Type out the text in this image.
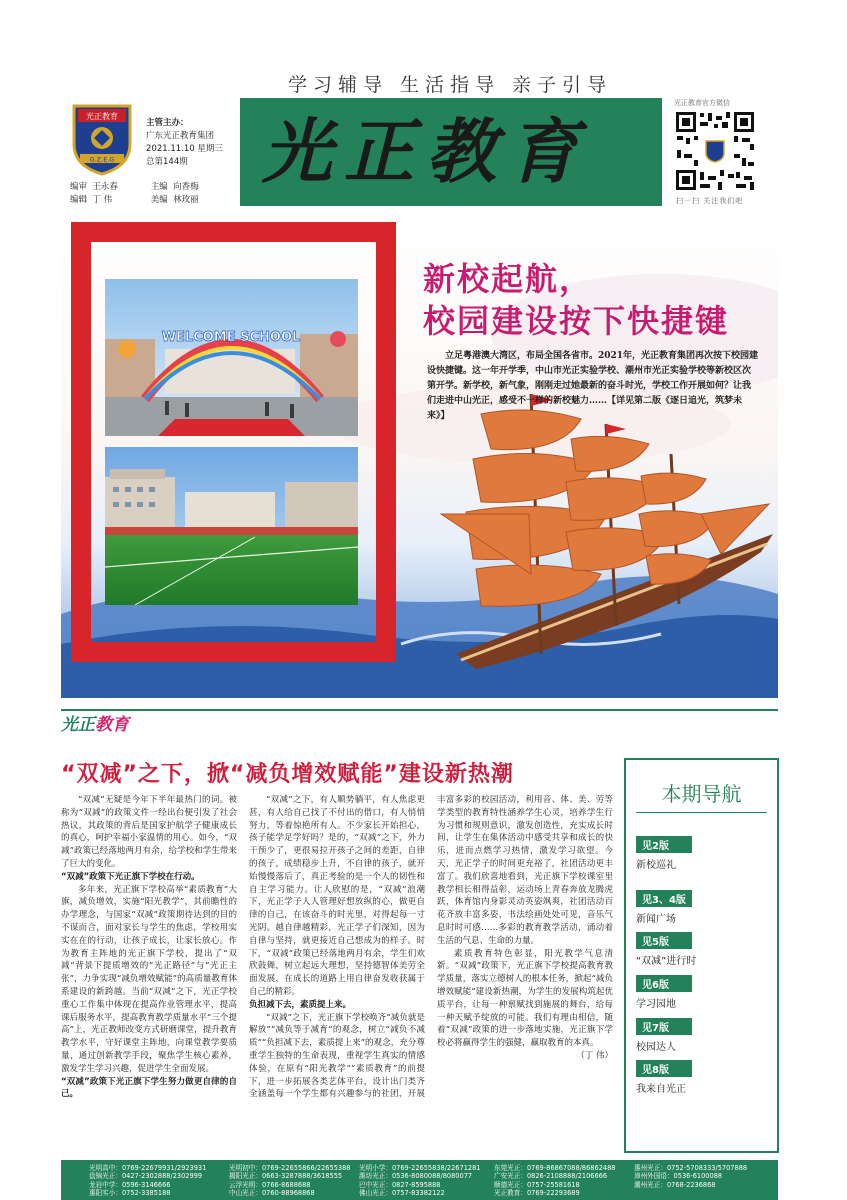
学习辅导 生活指导 亲子引导
光正教育
G.Z.E.G
主管主办：
广东光正教育集团
2021.11.10 星期三
总第144期
编审 王永春	主编 向香梅
编辑 丁 伟	美编 林玫丽
光正教育
光正教育官方微信
扫一扫 关注我们吧
新校起航，
校园建设按下快捷键
立足粤港澳大湾区，布局全国各省市。2021年，光正教育集团再次按下校园建设快捷键。这一年开学季，中山市光正实验学校、潮州市光正实验学校等新校区次第开学。新学校，新气象，刚刚走过她最新的奋斗时光，学校工作开展如何？让我们走进中山光正，感受不一样的新校魅力……【详见第二版《逐日追光，筑梦未来》】
WELCOME SCHOOL
光正教育
“双减”之下，掀“减负增效赋能”建设新热潮

“双减”无疑是今年下半年最热门的词。被称为“双减”的政策文件一经出台便引发了社会热议，其政策的背后是国家护航学子健康成长的真心，呵护幸福小家温情的用心。如今，“双减”政策已经落地两月有余，给学校和学生带来了巨大的变化。

“双减”政策下光正旗下学校在行动。

多年来，光正旗下学校高举“素质教育”大旗，减负增效，实施“阳光教学”，其前瞻性的办学理念，与国家“双减”政策期待达到的目的不谋而合，面对家长与学生的焦虑，学校用实实在在的行动，让孩子成长，让家长放心。作为教育主阵地的光正旗下学校，提出了“双减”背景下提质增效的“光正路径”与“光正主张”，力争实现“减负增效赋能”的高质量教育体系建设的新跨越。当前“双减”之下，光正学校重心工作集中体现在提高作业管理水平，提高课后服务水平，提高教育教学质量水平“三个提高”上，光正教师改变方式研磨课堂，提升教育教学水平，守好课堂主阵地，向课堂教学要质量，通过创新教学手段，聚焦学生核心素养，激发学生学习兴趣，促进学生全面发展。

“双减”政策下光正旗下学生努力做更自律的自己。

“双减”之下，有人顺势躺平，有人焦虑更甚，有人给自己找了不付出的借口，有人悄悄努力，等着惊艳所有人。不少家长开始担心，孩子能学足学好吗？是的，“双减”之下，外力干预少了，更很易拉开孩子之间的差距，自律的孩子，成绩稳步上升，不自律的孩子，就开始慢慢落后了，真正考验的是一个人的韧性和自主学习能力。让人欣慰的是，“双减”浪潮下，光正学子人人管理好想放纵的心，做更自律的自己，在该奋斗的时光里，对得起每一寸光阴。越自律越精彩，光正学子们深知，因为自律与坚持，就更接近自己想成为的样子。时下，“双减”政策已经落地两月有余，学生们欢欣鼓舞，树立起远大理想，坚持德智体美劳全面发展，在成长的道路上用自律奋发收获属于自己的精彩。

负担减下去，素质提上来。

“双减”之下，光正旗下学校唤齐“减负就是解放”“减负等于减育”的观念，树立“减负不减质”“负担减下去，素质提上来”的观念，充分尊重学生独特的生命表现，重视学生真实的情感体验，在原有“阳光教学”“素质教育”的前提下，进一步拓展各类艺体平台，设计出门类齐全涵盖每一个学生都有兴趣参与的社团，开展丰富多彩的校园活动，利用音、体、美、劳等学类型的教育特性涵养学生心灵，培养学生行为习惯和规则意识，激发创造性，充实成长时间，让学生在集体活动中感受共享和成长的快乐，进而点燃学习热情，激发学习欲望。今天，光正学子的时间更充裕了，社团活动更丰富了。我们欣喜地看到，光正旗下学校课室里教学相长相得益彰，运动场上青春奔放龙腾虎跃，体育馆内身影灵动英姿飒爽，社团活动百花齐放丰富多姿，书法绘画处处可见，音乐气息时时可感……多彩的教育教学活动，涌动着生活的气息、生命的力量。

素质教育特色彰显，阳光教学气息清新。“双减”政策下，光正旗下学校提高教育教学质量，落实立德树人的根本任务，掀起“减负增效赋能”建设新热潮，为学生的发展构筑起优质平台，让每一种禀赋找到施展的舞台，给每一种天赋予绽放的可能。我们有理由相信，随着“双减”政策的进一步落地实施，光正旗下学校必将赢得学生的强健，赢取教育的本真。

（丁 伟）

本期导航
见2版
新校巡礼
见3、4版
新闻广场
见5版
“双减”进行时
见6版
学习园地
见7版
校园达人
见8版
我来自光正
光明高中：0769-22679931/2923931
盘锦光正：0427-2302888/2302999
龙岩中学：0596-3146666
惠阳实小：0752-3385188
光明初中：0769-22655866/22655388
揭阳光正：0663-3287888/3618555
云浮光明：0766-8688688
中山光正：0760-88968868
光明小学：0769-22655838/22671281
潍坊光正：0536-8080088/8080077
巴中光正：0827-8595888
佛山光正：0757-83382122
东莞光正：0769-86867088/86862488
广安光正：0826-2108888/2106666
顺德光正：0757-25581618
光正教育：0769-22293689
惠州光正：0752-5708333/5707888
漳州外国语：0536-6100088
潮州光正：0768-2236868
